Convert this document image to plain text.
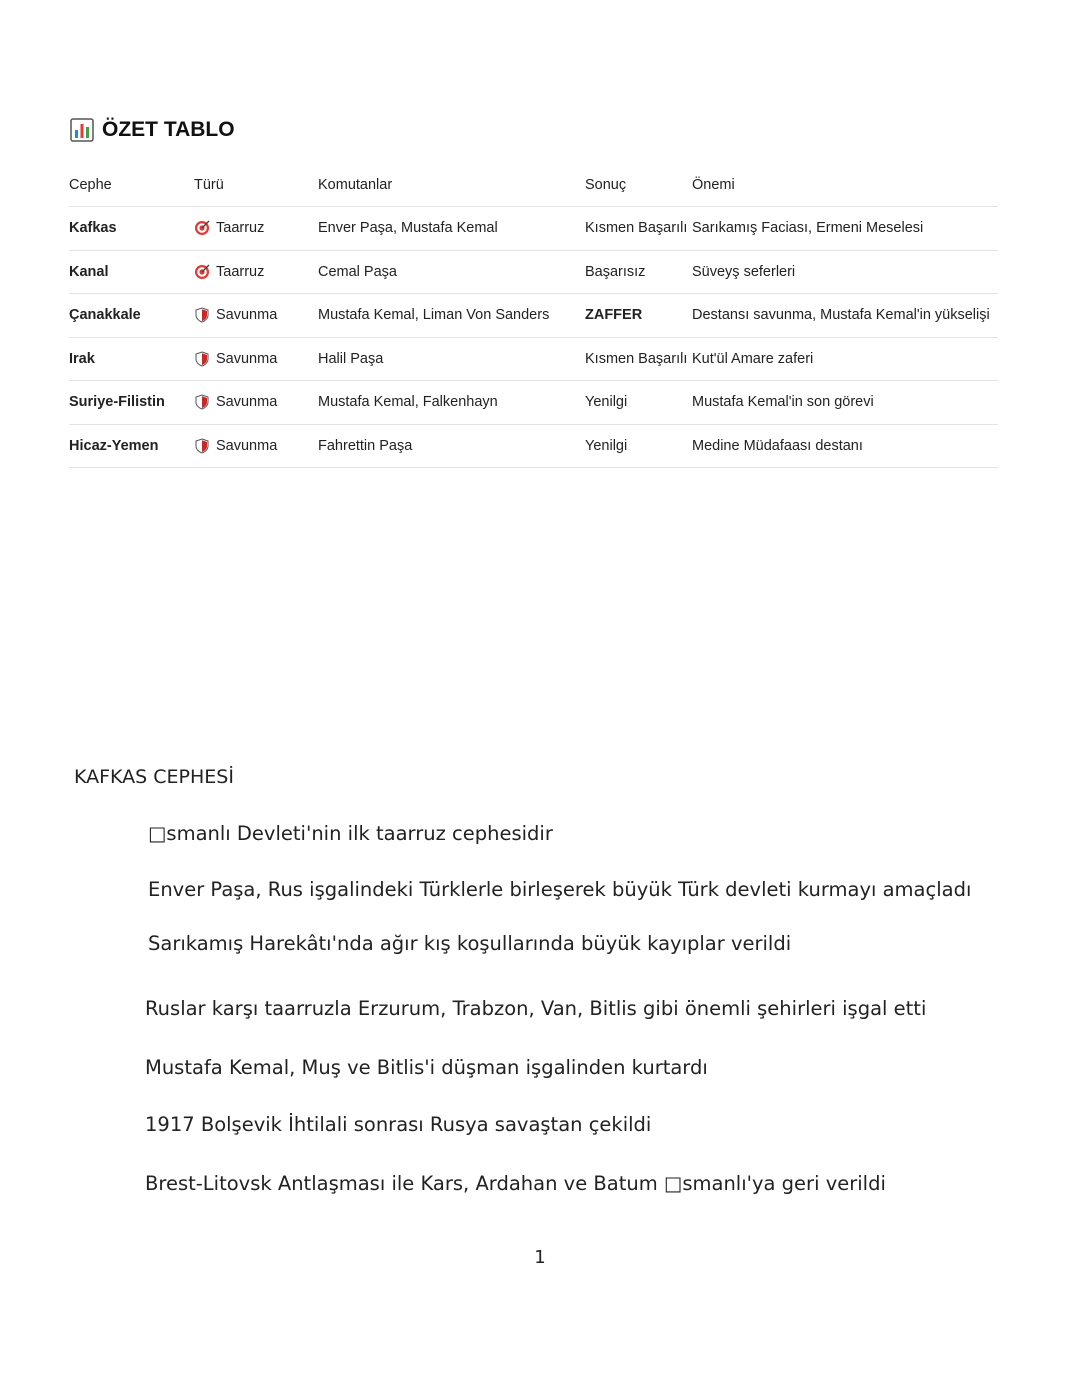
ÖZET TABLO
Cephe	Türü	Komutanlar	Sonuç	Önemi
Kafkas	Taarruz	Enver Paşa, Mustafa Kemal	Kısmen Başarılı	Sarıkamış Faciası, Ermeni Meselesi
Kanal	Taarruz	Cemal Paşa	Başarısız	Süveyş seferleri
Çanakkale	Savunma	Mustafa Kemal, Liman Von Sanders	ZAFFER	Destansı savunma, Mustafa Kemal'in yükselişi
Irak	Savunma	Halil Paşa	Kısmen Başarılı	Kut'ül Amare zaferi
Suriye-Filistin	Savunma	Mustafa Kemal, Falkenhayn	Yenilgi	Mustafa Kemal'in son görevi
Hicaz-Yemen	Savunma	Fahrettin Paşa	Yenilgi	Medine Müdafaası destanı
KAFKAS CEPHESİ

□smanlı Devleti'nin ilk taarruz cephesidir

Enver Paşa, Rus işgalindeki Türklerle birleşerek büyük Türk devleti kurmayı amaçladı

Sarıkamış Harekâtı'nda ağır kış koşullarında büyük kayıplar verildi

Ruslar karşı taarruzla Erzurum, Trabzon, Van, Bitlis gibi önemli şehirleri işgal etti

Mustafa Kemal, Muş ve Bitlis'i düşman işgalinden kurtardı

1917 Bolşevik İhtilali sonrası Rusya savaştan çekildi

Brest-Litovsk Antlaşması ile Kars, Ardahan ve Batum □smanlı'ya geri verildi

1
